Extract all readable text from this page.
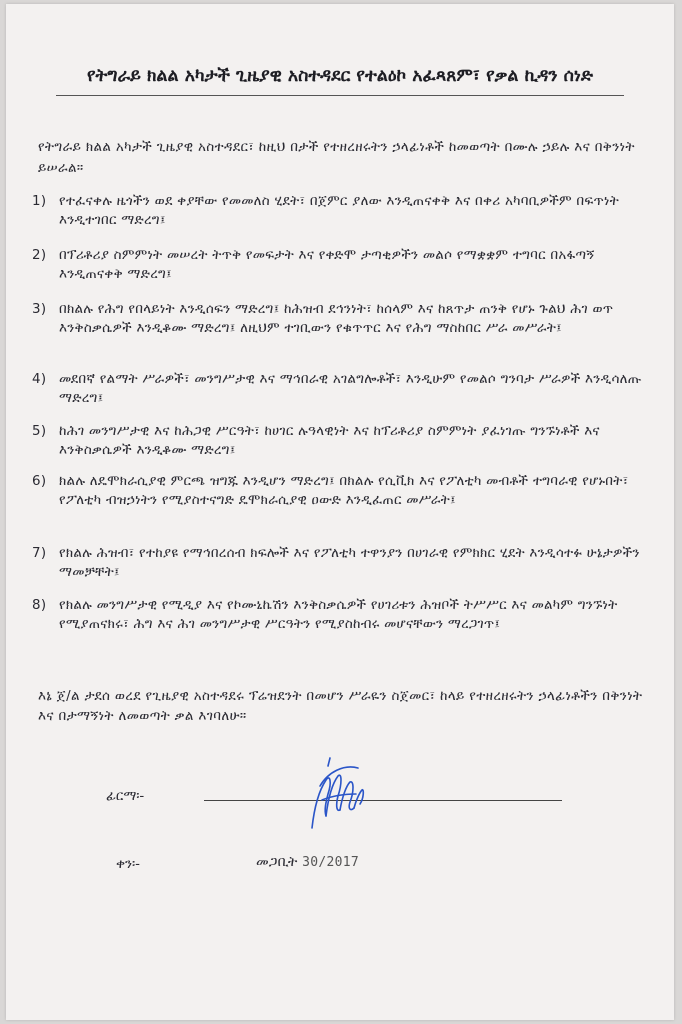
የትግራይ ክልል አካታች ጊዜያዊ አስተዳደር የተልዕኮ አፈጻጸም፣ የቃል ኪዳን ሰነድ
የትግራይ ክልል አካታች ጊዜያዊ አስተዳደር፣ ከዚህ በታች የተዘረዘሩትን ኃላፊነቶች ከመወጣት በሙሉ ኃይሉ እና በቅንነት ይሠራል።
1) የተፈናቀሉ ዜጎችን ወደ ቀያቸው የመመለስ ሂደት፣ በጀምር ያለው እንዲጠናቀቅ እና በቀሪ አካባቢዎችም በፍጥነት እንዲተገበር ማድረግ፤
2) በፕሪቶሪያ ስምምነት መሠረት ትጥቅ የመፍታት እና የቀድሞ ታጣቂዎችን መልሶ የማቋቋም ተግባር በአፋጣኝ እንዲጠናቀቅ ማድረግ፤
3) በክልሉ የሕግ የበላይነት እንዲሰፍን ማድረግ፤ ከሕዝብ ደኅንነት፣ ከሰላም እና ከጸጥታ ጠንቅ የሆኑ ጉልህ ሕገ ወጥ እንቅስቃሴዎች እንዲቆሙ ማድረግ፤ ለዚህም ተገቢውን የቁጥጥር እና የሕግ ማስከበር ሥራ መሥራት፤
4) መደበኛ የልማት ሥራዎች፣ መንግሥታዊ እና ማኅበራዊ አገልግሎቶች፣ እንዲሁም የመልሶ ግንባታ ሥራዎች እንዲሳለጡ ማድረግ፤
5) ከሕገ መንግሥታዊ እና ከሕጋዊ ሥርዓት፣ ከሀገር ሉዓላዊነት እና ከፕሪቶሪያ ስምምነት ያፈነገጡ ግንኙነቶች እና እንቅስቃሴዎች እንዲቆሙ ማድረግ፤
6) ክልሉ ለዴሞክራሲያዊ ምርጫ ዝግጁ እንዲሆን ማድረግ፤ በክልሉ የሲቪክ እና የፖለቲካ መብቶች ተግባራዊ የሆኑበት፣ የፖለቲካ ብዝኃነትን የሚያስተናግድ ዴሞክራሲያዊ ዐውድ እንዲፈጠር መሥራት፤
7) የክልሉ ሕዝብ፣ የተከያዩ የማኅበረሰብ ክፍሎች እና የፖለቲካ ተዋንያን በሀገራዊ የምክክር ሂደት እንዲሳተፉ ሁኔታዎችን ማመቻቸት፤
8) የክልሉ መንግሥታዊ የሚዲያ እና የኮሙኒኬሽን እንቅስቃሴዎች የሀገሪቱን ሕዝቦች ትሥሥር እና መልካም ግንኙነት የሚያጠናክሩ፣ ሕግ እና ሕገ መንግሥታዊ ሥርዓትን የሚያስከብሩ መሆናቸውን ማረጋገጥ፤
እኔ ጀ/ል ታደሰ ወረደ የጊዜያዊ አስተዳደሩ ፕሬዝደንት በመሆን ሥራዬን ስጀመር፣ ከላይ የተዘረዘሩትን ኃላፊነቶችን በቅንነት እና በታማኝነት ለመወጣት ቃል እገባለሁ።
ፊርማ፡-
ቀን፡-	መጋቢት 30/2017
